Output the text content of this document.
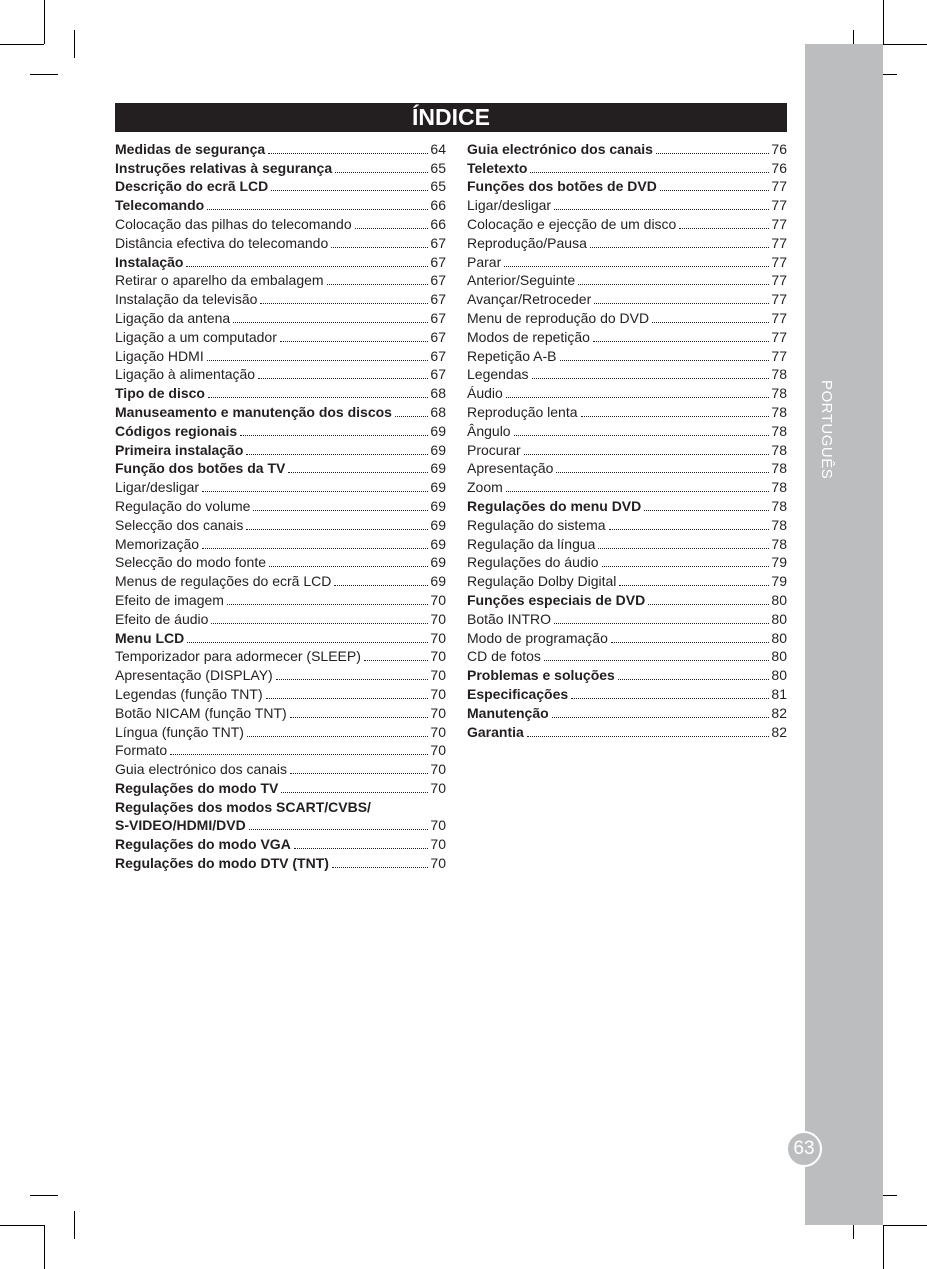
PORTUGUÊS
63
ÍNDICE
Medidas de segurança	64
Instruções relativas à segurança	65
Descrição do ecrã LCD	65
Telecomando	66
Colocação das pilhas do telecomando	66
Distância efectiva do telecomando	67
Instalação	67
Retirar o aparelho da embalagem	67
Instalação da televisão	67
Ligação da antena	67
Ligação a um computador	67
Ligação HDMI	67
Ligação à alimentação	67
Tipo de disco	68
Manuseamento e manutenção dos discos	68
Códigos regionais	69
Primeira instalação	69
Função dos botões da TV	69
Ligar/desligar	69
Regulação do volume	69
Selecção dos canais	69
Memorização	69
Selecção do modo fonte	69
Menus de regulações do ecrã LCD	69
Efeito de imagem	70
Efeito de áudio	70
Menu LCD	70
Temporizador para adormecer (SLEEP)	70
Apresentação (DISPLAY)	70
Legendas (função TNT)	70
Botão NICAM (função TNT)	70
Língua (função TNT)	70
Formato	70
Guia electrónico dos canais	70
Regulações do modo TV	70
Regulações dos modos SCART/CVBS/
S-VIDEO/HDMI/DVD	70
Regulações do modo VGA	70
Regulações do modo DTV (TNT)	70
Guia electrónico dos canais	76
Teletexto	76
Funções dos botões de DVD	77
Ligar/desligar	77
Colocação e ejecção de um disco	77
Reprodução/Pausa	77
Parar	77
Anterior/Seguinte	77
Avançar/Retroceder	77
Menu de reprodução do DVD	77
Modos de repetição	77
Repetição A-B	77
Legendas	78
Áudio	78
Reprodução lenta	78
Ângulo	78
Procurar	78
Apresentação	78
Zoom	78
Regulações do menu DVD	78
Regulação do sistema	78
Regulação da língua	78
Regulações do áudio	79
Regulação Dolby Digital	79
Funções especiais de DVD	80
Botão INTRO	80
Modo de programação	80
CD de fotos	80
Problemas e soluções	80
Especificações	81
Manutenção	82
Garantia	82
